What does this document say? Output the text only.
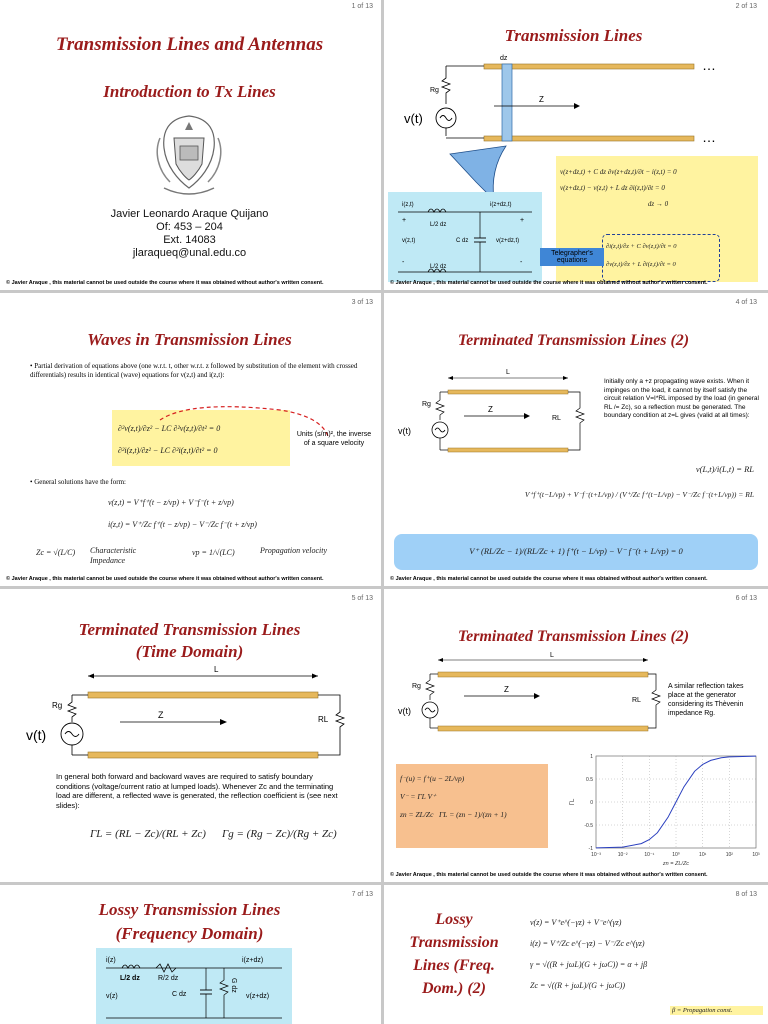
1 of 13
Transmission Lines and Antennas
Introduction to Tx Lines
Javier Leonardo Araque Quijano
Of: 453 – 204
Ext. 14083
jlaraqueq@unal.edu.co
© Javier Araque , this material cannot be used outside the course where it was obtained without author's written consent.
2 of 13
Transmission Lines
dz
Rg
v(t)
Z
…
…
i(z,t)	i(z+dz,t)
L/2 dz
L/2 dz
C dz
v(z,t)	v(z+dz,t)
+	+
-	-
v(z+dz,t) + C dz ∂v(z+dz,t)/∂t − i(z,t) = 0
v(z+dz,t) − v(z,t) + L dz ∂i(z,t)/∂t = 0
dz → 0
∂i(z,t)/∂z + C ∂v(z,t)/∂t = 0
∂v(z,t)/∂z + L ∂i(z,t)/∂t = 0
Telegrapher's equations
© Javier Araque , this material cannot be used outside the course where it was obtained without author's written consent.
3 of 13
Waves in Transmission Lines
• Partial derivation of equations above (one w.r.t. t, other w.r.t. z followed by substitution of the element with crossed differentials) results in identical (wave) equations for v(z,t) and i(z,t):
∂²v(z,t)/∂z² − LC ∂²v(z,t)/∂t² = 0
∂²i(z,t)/∂z² − LC ∂²i(z,t)/∂t² = 0
Units (s/m)², the inverse of a square velocity
• General solutions have the form:
v(z,t) = V⁺f⁺(t − z/vp) + V⁻f⁻(t + z/vp)
i(z,t) = V⁺/Zc f⁺(t − z/vp) − V⁻/Zc f⁻(t + z/vp)
Zc = √(L/C) Characteristic Impedance
vp = 1/√(LC)	Propagation velocity
© Javier Araque , this material cannot be used outside the course where it was obtained without author's written consent.
4 of 13
Terminated Transmission Lines (2)
L
Rg
v(t)
Z
RL
Initially only a +z propagating wave exists. When it impinges on the load, it cannot by itself satisfy the circuit relation V=I*RL imposed by the load (in general RL /= Zc), so a reflection must be generated. The boundary condition at z=L gives (valid at all times):
v(L,t)/i(L,t) = RL
V⁺f⁺(t−L/vp) + V⁻f⁻(t+L/vp) / (V⁺/Zc f⁺(t−L/vp) − V⁻/Zc f⁻(t+L/vp)) = RL
V⁺ (RL/Zc − 1)/(RL/Zc + 1) f⁺(t − L/vp) − V⁻ f⁻(t + L/vp) = 0
© Javier Araque , this material cannot be used outside the course where it was obtained without author's written consent.
5 of 13
Terminated Transmission Lines
(Time Domain)
L
Rg
v(t)
Z	RL
In general both forward and backward waves are required to satisfy boundary conditions (voltage/current ratio at lumped loads). Whenever Zc and the terminating load are different, a reflected wave is generated, the reflection coefficient is (see next slides):
ΓL = (RL − Zc)/(RL + Zc) Γg = (Rg − Zc)/(Rg + Zc)
6 of 13
Terminated Transmission Lines (2)
L
Rg
v(t)
Z
RL
A similar reflection takes place at the generator considering its Thèvenin impedance Rg.
f⁻(u) = f⁺(u − 2L/vp)
V⁻ = ΓL V⁺
zn = ZL/Zc ΓL = (zn − 1)/(zn + 1)
10⁻³	10⁻²	10⁻¹	10⁰	10¹	10²	10³
-1
-0.5
0
0.5
1
ΓL
zn = ZL/Zc
© Javier Araque , this material cannot be used outside the course where it was obtained without author's written consent.
7 of 13
Lossy Transmission Lines
(Frequency Domain)
i(z)	i(z+dz)
L/2 dz	R/2 dz
C dz
G dz
v(z)	v(z+dz)
8 of 13
Lossy Transmission Lines (Freq. Dom.) (2)
v(z) = V⁺e^(−γz) + V⁻e^(γz)
i(z) = V⁺/Zc e^(−γz) − V⁻/Zc e^(γz)
γ = √((R + jωL)(G + jωC)) = α + jβ
Zc = √((R + jωL)/(G + jωC))
β = Propagation const.
